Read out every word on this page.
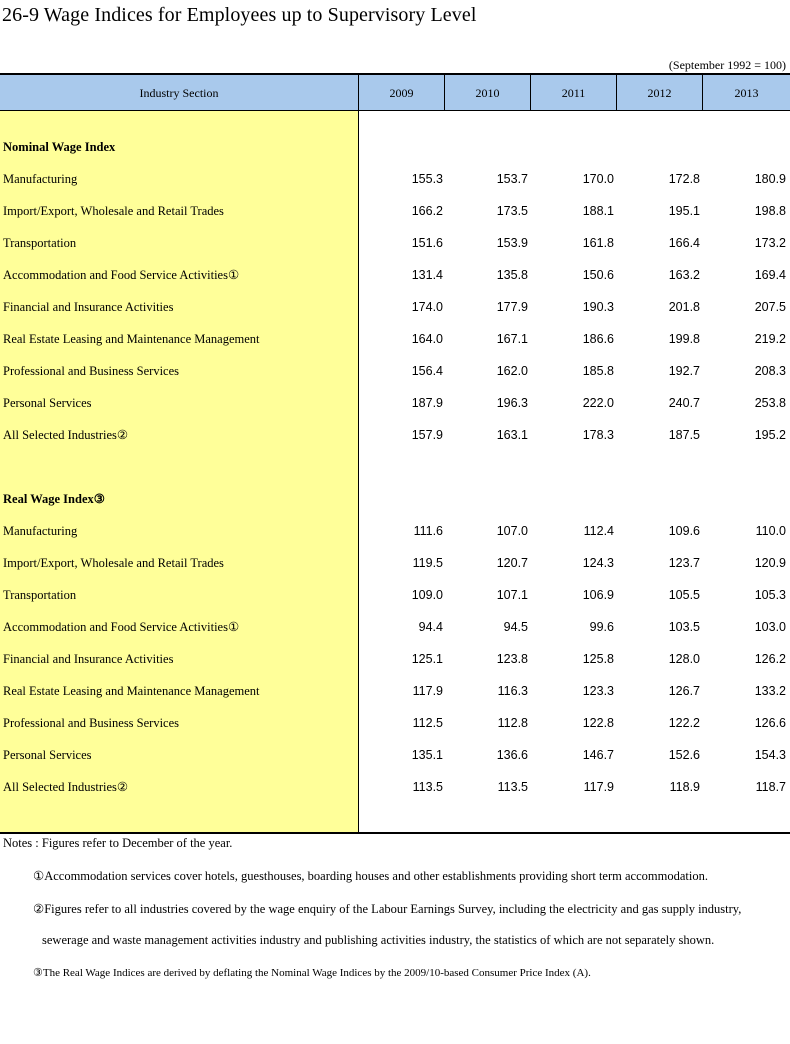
26-9 Wage Indices for Employees up to Supervisory Level
(September 1992 = 100)
Industry Section	2009	2010	2011	2012	2013
Nominal Wage Index
Manufacturing	155.3	153.7	170.0	172.8	180.9
Import/Export, Wholesale and Retail Trades	166.2	173.5	188.1	195.1	198.8
Transportation	151.6	153.9	161.8	166.4	173.2
Accommodation and Food Service Activities①	131.4	135.8	150.6	163.2	169.4
Financial and Insurance Activities	174.0	177.9	190.3	201.8	207.5
Real Estate Leasing and Maintenance Management	164.0	167.1	186.6	199.8	219.2
Professional and Business Services	156.4	162.0	185.8	192.7	208.3
Personal Services	187.9	196.3	222.0	240.7	253.8
All Selected Industries②	157.9	163.1	178.3	187.5	195.2
Real Wage Index③
Manufacturing	111.6	107.0	112.4	109.6	110.0
Import/Export, Wholesale and Retail Trades	119.5	120.7	124.3	123.7	120.9
Transportation	109.0	107.1	106.9	105.5	105.3
Accommodation and Food Service Activities①	94.4	94.5	99.6	103.5	103.0
Financial and Insurance Activities	125.1	123.8	125.8	128.0	126.2
Real Estate Leasing and Maintenance Management	117.9	116.3	123.3	126.7	133.2
Professional and Business Services	112.5	112.8	122.8	122.2	126.6
Personal Services	135.1	136.6	146.7	152.6	154.3
All Selected Industries②	113.5	113.5	117.9	118.9	118.7
Notes : Figures refer to December of the year.
①Accommodation services cover hotels, guesthouses, boarding houses and other establishments providing short term accommodation.
②Figures refer to all industries covered by the wage enquiry of the Labour Earnings Survey, including the electricity and gas supply industry,
sewerage and waste management activities industry and publishing activities industry, the statistics of which are not separately shown.
③The Real Wage Indices are derived by deflating the Nominal Wage Indices by the 2009/10-based Consumer Price Index (A).
